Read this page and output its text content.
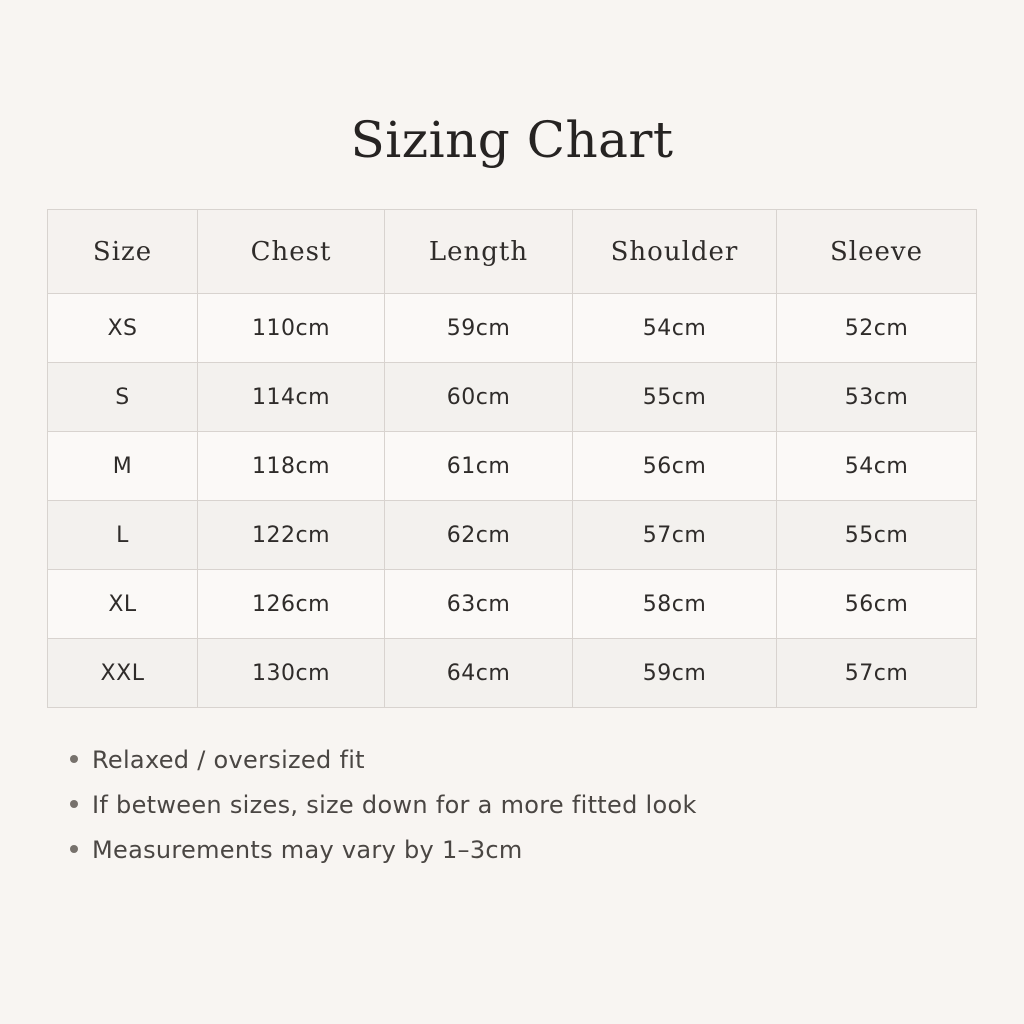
Sizing Chart
Size	Chest	Length	Shoulder	Sleeve
XS	110cm	59cm	54cm	52cm
S	114cm	60cm	55cm	53cm
M	118cm	61cm	56cm	54cm
L	122cm	62cm	57cm	55cm
XL	126cm	63cm	58cm	56cm
XXL	130cm	64cm	59cm	57cm
Relaxed / oversized fit
If between sizes, size down for a more fitted look
Measurements may vary by 1–3cm
